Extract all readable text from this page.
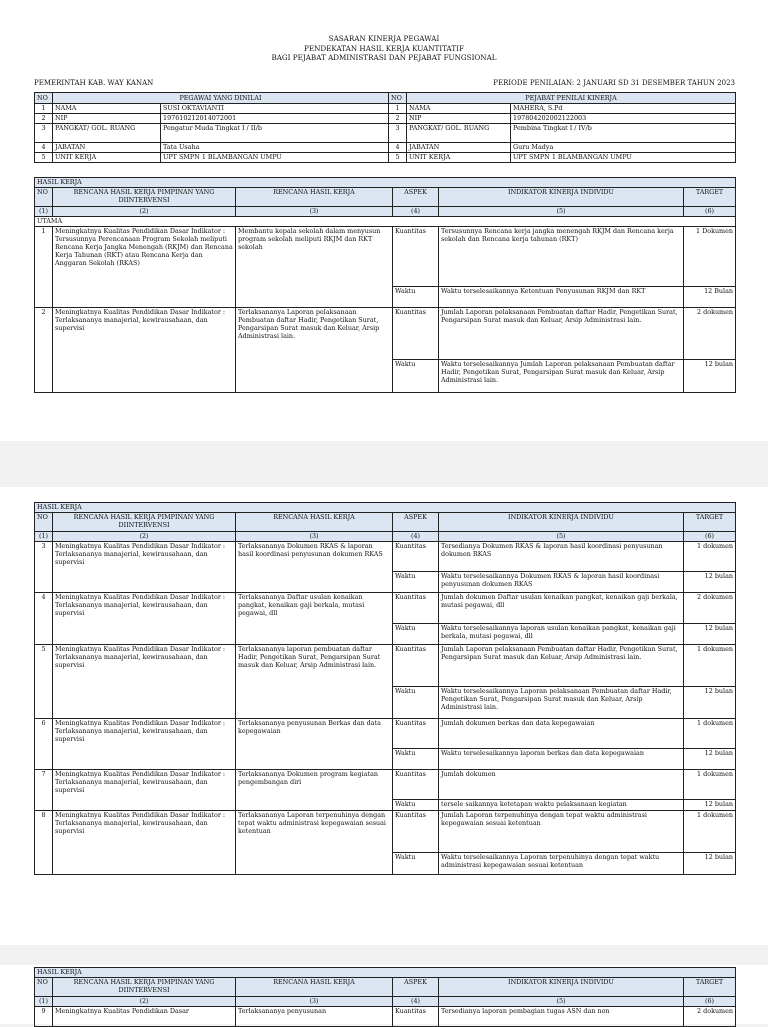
SASARAN KINERJA PEGAWAI
PENDEKATAN HASIL KERJA KUANTITATIF
BAGI PEJABAT ADMINISTRASI DAN PEJABAT FUNGSIONAL
PEMERINTAH KAB. WAY KANAN	PERIODE PENILAIAN: 2 JANUARI SD 31 DESEMBER TAHUN 2023
NO	PEGAWAI YANG DINILAI		NO	PEJABAT PENILAI KINERJA	
1	NAMA	SUSI OKTAVIANTI	1	NAMA	MAHERA, S.Pd
2	NIP	197610212014072001	2	NIP	197804202002122003
3	PANGKAT/ GOL. RUANG	Pengatur Muda Tingkat I / II/b	3	PANGKAT/ GOL. RUANG	Pembina Tingkat I / IV/b
4	JABATAN	Tata Usaha	4	JABATAN	Guru Madya
5	UNIT KERJA	UPT SMPN 1 BLAMBANGAN UMPU	5	UNIT KERJA	UPT SMPN 1 BLAMBANGAN UMPU
HASIL KERJA					
NO	RENCANA HASIL KERJA PIMPINAN YANG DIINTERVENSI	RENCANA HASIL KERJA	ASPEK	INDIKATOR KINERJA INDIVIDU	TARGET
(1)	(2)	(3)	(4)	(5)	(6)
UTAMA					
1	Meningkatnya Kualitas Pendidikan Dasar Indikator : Tersusunnya Perencanaan Program Sekolah meliputi Rencana Kerja Jangka Menengah (RKJM) dan Rencana Kerja Tahunan (RKT) atau Rencana Kerja dan Anggaran Sekolah (RKAS)	Membantu kepala sekolah dalam menyusun program sekolah meliputi RKJM dan RKT sekolah	Kuantitas	Tersusunnya Rencana kerja jangka menengah RKJM dan Rencana kerja sekolah dan Rencana kerja tahunan (RKT)	1 Dokumen
			Waktu	Waktu terselesaikannya Ketentuan Penyusunan RKJM dan RKT	12 Bulan
2	Meningkatnya Kualitas Pendidikan Dasar Indikator : Terlaksananya manajerial, kewirausahaan, dan supervisi	Terlaksananya Laporan pelaksanaan Pembuatan daftar Hadir, Pengetikan Surat, Pengarsipan Surat masuk dan Keluar, Arsip Administrasi lain.	Kuantitas	Jumlah Laporan pelaksanaan Pembuatan daftar Hadir, Pengetikan Surat, Pengarsipan Surat masuk dan Keluar, Arsip Administrasi lain.	2 dokumen
			Waktu	Waktu terselesaikannya Jumlah Laporan pelaksanaan Pembuatan daftar Hadir, Pengetikan Surat, Pengarsipan Surat masuk dan Keluar, Arsip Administrasi lain.	12 bulan
HASIL KERJA					
NO	RENCANA HASIL KERJA PIMPINAN YANG DIINTERVENSI	RENCANA HASIL KERJA	ASPEK	INDIKATOR KINERJA INDIVIDU	TARGET
(1)	(2)	(3)	(4)	(5)	(6)
3	Meningkatnya Kualitas Pendidikan Dasar Indikator : Terlaksananya manajerial, kewirausahaan, dan supervisi	Terlaksananya Dokumen RKAS & laporan hasil koordinasi penyusunan dokumen RKAS	Kuantitas	Tersedianya Dokumen RKAS & laporan hasil koordinasi penyusunan dokumen RKAS	1 dokumen
			Waktu	Waktu terselesaikannya Dokumen RKAS & laporan hasil koordinasi penyusunan dokumen RKAS	12 bulan
4	Meningkatnya Kualitas Pendidikan Dasar Indikator : Terlaksananya manajerial, kewirausahaan, dan supervisi	Terlaksananya Daftar usulan kenaikan pangkat, kenaikan gaji berkala, mutasi pegawai, dll	Kuantitas	Jumlah dokumen Daftar usulan kenaikan pangkat, kenaikan gaji berkala, mutasi pegawai, dll	2 dokumen
			Waktu	Waktu terselesaikannya laporan usulan kenaikan pangkat, kenaikan gaji berkala, mutasi pegawai, dll	12 bulan
5	Meningkatnya Kualitas Pendidikan Dasar Indikator : Terlaksananya manajerial, kewirausahaan, dan supervisi	Terlaksananya laporan pembuatan daftar Hadir, Pengetikan Surat, Pengarsipan Surat masuk dan Keluar, Arsip Administrasi lain.	Kuantitas	Jumlah Laporan pelaksanaan Pembuatan daftar Hadir, Pengetikan Surat, Pengarsipan Surat masuk dan Keluar, Arsip Administrasi lain.	1 dokumen
			Waktu	Waktu terselesaikannya Laporan pelaksanaan Pembuatan daftar Hadir, Pengetikan Surat, Pengarsipan Surat masuk dan Keluar, Arsip Administrasi lain.	12 bulan
6	Meningkatnya Kualitas Pendidikan Dasar Indikator : Terlaksananya manajerial, kewirausahaan, dan supervisi	Terlaksananya penyusunan Berkas dan data kepegawaian	Kuantitas	Jumlah dokumen berkas dan data kepegawaian	1 dokumen
			Waktu	Waktu terselesaikannya laporan berkas dan data kepegawaian	12 bulan
7	Meningkatnya Kualitas Pendidikan Dasar Indikator : Terlaksananya manajerial, kewirausahaan, dan supervisi	Terlaksananya Dokumen program kegiatan pengembangan diri	Kuantitas	Jumlah dokumen	1 dokumen
			Waktu	tersele saikannya ketetapan waktu pelaksanaan kegiatan	12 bulan
8	Meningkatnya Kualitas Pendidikan Dasar Indikator : Terlaksananya manajerial, kewirausahaan, dan supervisi	Terlaksananya Laporan terpenuhinya dengan tepat waktu administrasi kepegawaian sesuai ketentuan	Kuantitas	Jumlah Laporan terpenuhinya dengan tepat waktu administrasi kepegawaian sesuai ketentuan	1 dokumen
			Waktu	Waktu terselesaikannya Laporan terpenuhinya dengan tepat waktu administrasi kepegawaian sesuai ketentuan	12 bulan
HASIL KERJA					
NO	RENCANA HASIL KERJA PIMPINAN YANG DIINTERVENSI	RENCANA HASIL KERJA	ASPEK	INDIKATOR KINERJA INDIVIDU	TARGET
(1)	(2)	(3)	(4)	(5)	(6)
9	Meningkatnya Kualitas Pendidikan Dasar	Terlaksananya penyusunan	Kuantitas	Tersedianya laporan pembagian tugas ASN dan non	2 dokumen
